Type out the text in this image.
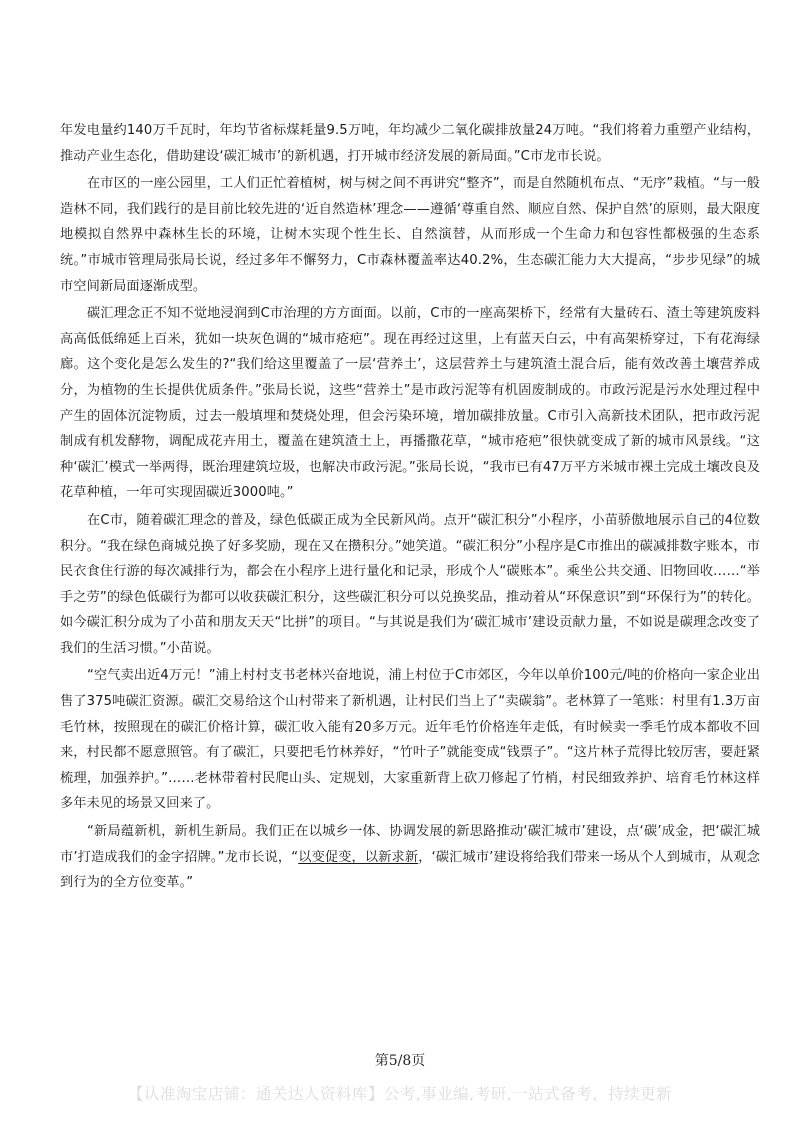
年发电量约140万千瓦时，年均节省标煤耗量9.5万吨，年均减少二氧化碳排放量24万吨。“我们将着力重塑产业结构，推动产业生态化，借助建设‘碳汇城市’的新机遇，打开城市经济发展的新局面。”C市龙市长说。

在市区的一座公园里，工人们正忙着植树，树与树之间不再讲究“整齐”，而是自然随机布点、“无序”栽植。“与一般造林不同，我们践行的是目前比较先进的‘近自然造林’理念——遵循‘尊重自然、顺应自然、保护自然’的原则，最大限度地模拟自然界中森林生长的环境，让树木实现个性生长、自然演替，从而形成一个生命力和包容性都极强的生态系统。”市城市管理局张局长说，经过多年不懈努力，C市森林覆盖率达40.2%，生态碳汇能力大大提高，“步步见绿”的城市空间新局面逐渐成型。

碳汇理念正不知不觉地浸润到C市治理的方方面面。以前，C市的一座高架桥下，经常有大量砖石、渣土等建筑废料高高低低绵延上百米，犹如一块灰色调的“城市疮疤”。现在再经过这里，上有蓝天白云，中有高架桥穿过，下有花海绿廊。这个变化是怎么发生的?“我们给这里覆盖了一层‘营养土’，这层营养土与建筑渣土混合后，能有效改善土壤营养成分，为植物的生长提供优质条件。”张局长说，这些“营养土”是市政污泥等有机固废制成的。市政污泥是污水处理过程中产生的固体沉淀物质，过去一般填埋和焚烧处理，但会污染环境，增加碳排放量。C市引入高新技术团队，把市政污泥制成有机发酵物，调配成花卉用土，覆盖在建筑渣土上，再播撒花草，“城市疮疤”很快就变成了新的城市风景线。“这种‘碳汇’模式一举两得，既治理建筑垃圾，也解决市政污泥。”张局长说，“我市已有47万平方米城市裸土完成土壤改良及花草种植，一年可实现固碳近3000吨。”

在C市，随着碳汇理念的普及，绿色低碳正成为全民新风尚。点开“碳汇积分”小程序，小苗骄傲地展示自己的4位数积分。“我在绿色商城兑换了好多奖励，现在又在攒积分。”她笑道。“碳汇积分”小程序是C市推出的碳减排数字账本，市民衣食住行游的每次减排行为，都会在小程序上进行量化和记录，形成个人“碳账本”。乘坐公共交通、旧物回收……“举手之劳”的绿色低碳行为都可以收获碳汇积分，这些碳汇积分可以兑换奖品，推动着从“环保意识”到“环保行为”的转化。如今碳汇积分成为了小苗和朋友天天“比拼”的项目。“与其说是我们为‘碳汇城市’建设贡献力量，不如说是碳理念改变了我们的生活习惯。”小苗说。

“空气卖出近4万元！”浦上村村支书老林兴奋地说，浦上村位于C市郊区，今年以单价100元/吨的价格向一家企业出售了375吨碳汇资源。碳汇交易给这个山村带来了新机遇，让村民们当上了“卖碳翁”。老林算了一笔账：村里有1.3万亩毛竹林，按照现在的碳汇价格计算，碳汇收入能有20多万元。近年毛竹价格连年走低，有时候卖一季毛竹成本都收不回来，村民都不愿意照管。有了碳汇，只要把毛竹林养好，“竹叶子”就能变成“钱票子”。“这片林子荒得比较厉害，要赶紧梳理，加强养护。”……老林带着村民爬山头、定规划，大家重新背上砍刀修起了竹梢，村民细致养护、培育毛竹林这样多年未见的场景又回来了。

“新局蕴新机，新机生新局。我们正在以城乡一体、协调发展的新思路推动‘碳汇城市’建设，点‘碳’成金，把‘碳汇城市’打造成我们的金字招牌。”龙市长说，“以变促变，以新求新，‘碳汇城市’建设将给我们带来一场从个人到城市，从观念到行为的全方位变革。”

第5/8页
【认准淘宝店铺：通关达人资料库】公考,事业编,考研,一站式备考，持续更新
